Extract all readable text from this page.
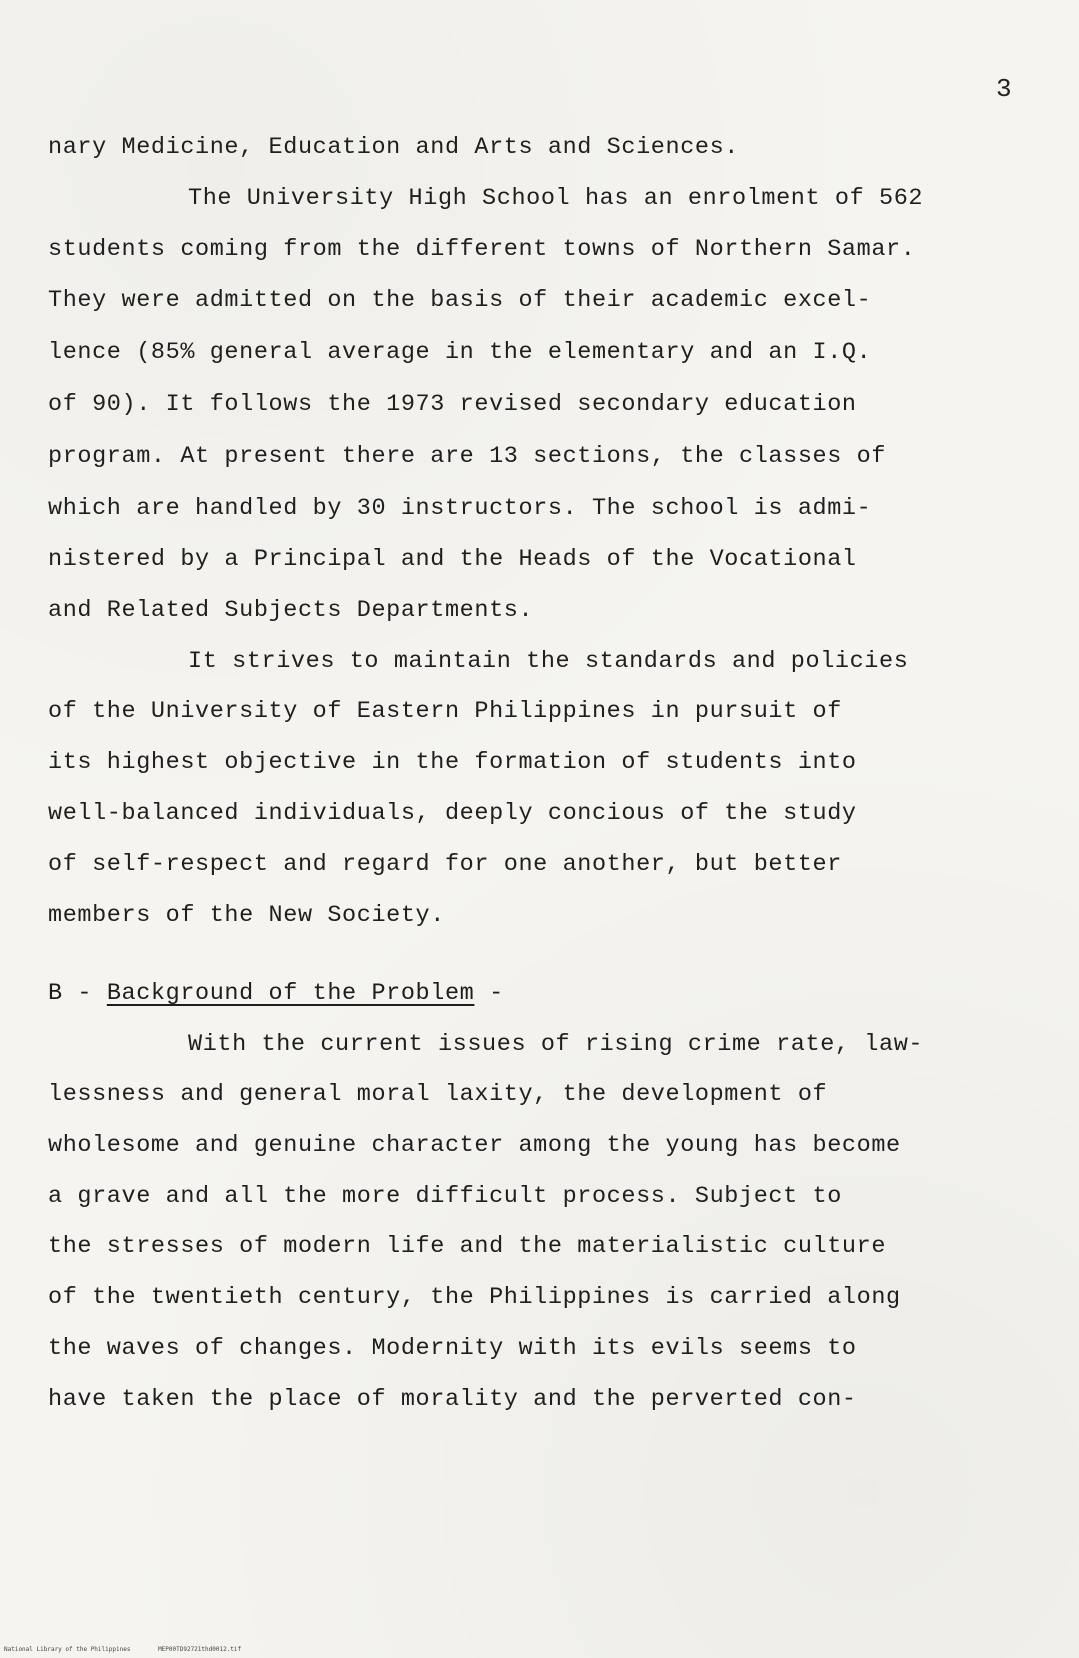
3
nary Medicine, Education and Arts and Sciences.
The University High School has an enrolment of 562
students coming from the different towns of Northern Samar.
They were admitted on the basis of their academic excel-
lence (85% general average in the elementary and an I.Q.
of 90). It follows the 1973 revised secondary education
program. At present there are 13 sections, the classes of
which are handled by 30 instructors. The school is admi-
nistered by a Principal and the Heads of the Vocational
and Related Subjects Departments.
It strives to maintain the standards and policies
of the University of Eastern Philippines in pursuit of
its highest objective in the formation of students into
well-balanced individuals, deeply concious of the study
of self-respect and regard for one another, but better
members of the New Society.
B - Background of the Problem -
With the current issues of rising crime rate, law-
lessness and general moral laxity, the development of
wholesome and genuine character among the young has become
a grave and all the more difficult process. Subject to
the stresses of modern life and the materialistic culture
of the twentieth century, the Philippines is carried along
the waves of changes. Modernity with its evils seems to
have taken the place of morality and the perverted con-
National Library of the Philippines	MEP00TD92721thd0012.tif
